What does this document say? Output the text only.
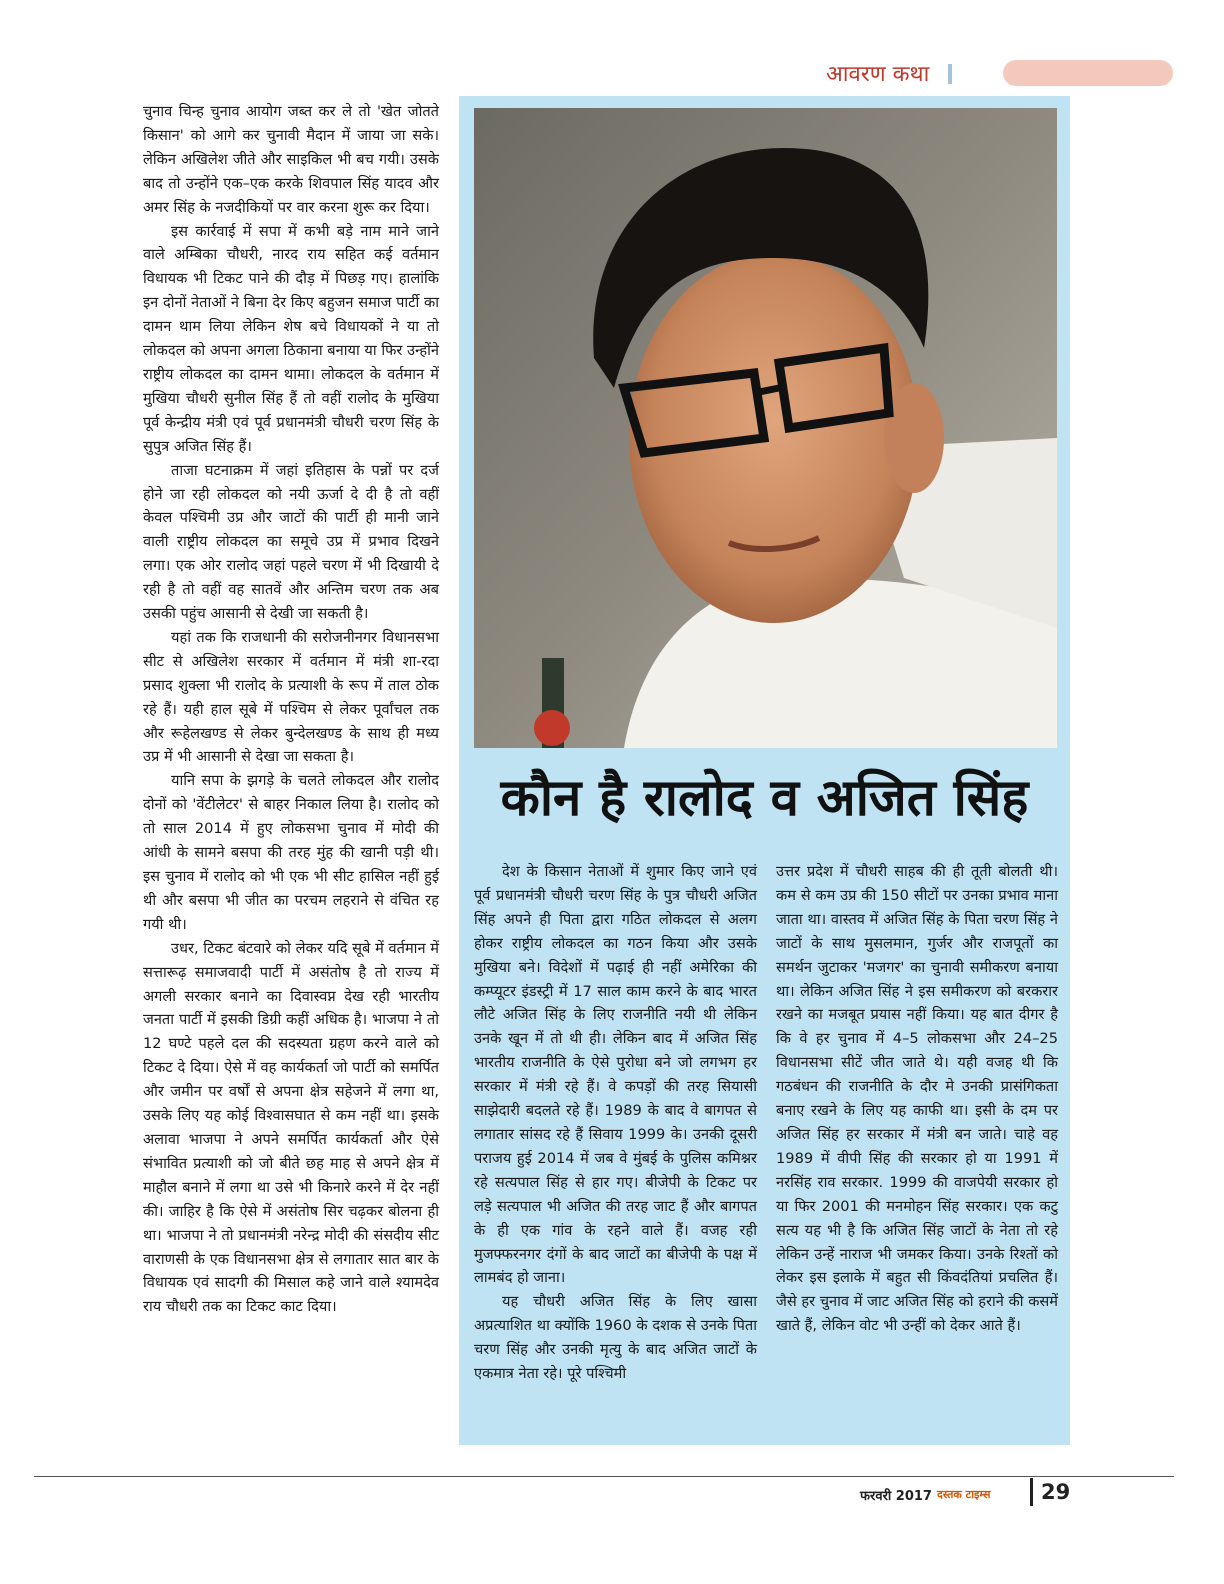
आवरण कथा

चुनाव चिन्ह चुनाव आयोग जब्त कर ले तो 'खेत जोतते किसान' को आगे कर चुनावी मैदान में जाया जा सके। लेकिन अखिलेश जीते और साइकिल भी बच गयी। उसके बाद तो उन्होंने एक–एक करके शिवपाल सिंह यादव और अमर सिंह के नजदीकियों पर वार करना शुरू कर दिया।

इस कार्रवाई में सपा में कभी बड़े नाम माने जाने वाले अम्बिका चौधरी, नारद राय सहित कई वर्तमान विधायक भी टिकट पाने की दौड़ में पिछड़ गए। हालांकि इन दोनों नेताओं ने बिना देर किए बहुजन समाज पार्टी का दामन थाम लिया लेकिन शेष बचे विधायकों ने या तो लोकदल को अपना अगला ठिकाना बनाया या फिर उन्होंने राष्ट्रीय लोकदल का दामन थामा। लोकदल के वर्तमान में मुखिया चौधरी सुनील सिंह हैं तो वहीं रालोद के मुखिया पूर्व केन्द्रीय मंत्री एवं पूर्व प्रधानमंत्री चौधरी चरण सिंह के सुपुत्र अजित सिंह हैं।

ताजा घटनाक्रम में जहां इतिहास के पन्नों पर दर्ज होने जा रही लोकदल को नयी ऊर्जा दे दी है तो वहीं केवल पश्चिमी उप्र और जाटों की पार्टी ही मानी जाने वाली राष्ट्रीय लोकदल का समूचे उप्र में प्रभाव दिखने लगा। एक ओर रालोद जहां पहले चरण में भी दिखायी दे रही है तो वहीं वह सातवें और अन्तिम चरण तक अब उसकी पहुंच आसानी से देखी जा सकती है।

यहां तक कि राजधानी की सरोजनीनगर विधानसभा सीट से अखिलेश सरकार में वर्तमान में मंत्री शा-रदा प्रसाद शुक्ला भी रालोद के प्रत्याशी के रूप में ताल ठोक रहे हैं। यही हाल सूबे में पश्चिम से लेकर पूर्वांचल तक और रूहेलखण्ड से लेकर बुन्देलखण्ड के साथ ही मध्य उप्र में भी आसानी से देखा जा सकता है।

यानि सपा के झगड़े के चलते लोकदल और रालोद दोनों को 'वेंटीलेटर' से बाहर निकाल लिया है। रालोद को तो साल 2014 में हुए लोकसभा चुनाव में मोदी की आंधी के सामने बसपा की तरह मुंह की खानी पड़ी थी। इस चुनाव में रालोद को भी एक भी सीट हासिल नहीं हुई थी और बसपा भी जीत का परचम लहराने से वंचित रह गयी थी।

उधर, टिकट बंटवारे को लेकर यदि सूबे में वर्तमान में सत्तारूढ़ समाजवादी पार्टी में असंतोष है तो राज्य में अगली सरकार बनाने का दिवास्वप्न देख रही भारतीय जनता पार्टी में इसकी डिग्री कहीं अधिक है। भाजपा ने तो 12 घण्टे पहले दल की सदस्यता ग्रहण करने वाले को टिकट दे दिया। ऐसे में वह कार्यकर्ता जो पार्टी को समर्पित और जमीन पर वर्षों से अपना क्षेत्र सहेजने में लगा था, उसके लिए यह कोई विश्वासघात से कम नहीं था। इसके अलावा भाजपा ने अपने समर्पित कार्यकर्ता और ऐसे संभावित प्रत्याशी को जो बीते छह माह से अपने क्षेत्र में माहौल बनाने में लगा था उसे भी किनारे करने में देर नहीं की। जाहिर है कि ऐसे में असंतोष सिर चढ़कर बोलना ही था। भाजपा ने तो प्रधानमंत्री नरेन्द्र मोदी की संसदीय सीट वाराणसी के एक विधानसभा क्षेत्र से लगातार सात बार के विधायक एवं सादगी की मिसाल कहे जाने वाले श्यामदेव राय चौधरी तक का टिकट काट दिया।

कौन है रालोद व अजित सिंह

देश के किसान नेताओं में शुमार किए जाने एवं पूर्व प्रधानमंत्री चौधरी चरण सिंह के पुत्र चौधरी अजित सिंह अपने ही पिता द्वारा गठित लोकदल से अलग होकर राष्ट्रीय लोकदल का गठन किया और उसके मुखिया बने। विदेशों में पढ़ाई ही नहीं अमेरिका की कम्प्यूटर इंडस्ट्री में 17 साल काम करने के बाद भारत लौटे अजित सिंह के लिए राजनीति नयी थी लेकिन उनके खून में तो थी ही। लेकिन बाद में अजित सिंह भारतीय राजनीति के ऐसे पुरोधा बने जो लगभग हर सरकार में मंत्री रहे हैं। वे कपड़ों की तरह सियासी साझेदारी बदलते रहे हैं। 1989 के बाद वे बागपत से लगातार सांसद रहे हैं सिवाय 1999 के। उनकी दूसरी पराजय हुई 2014 में जब वे मुंबई के पुलिस कमिश्नर रहे सत्यपाल सिंह से हार गए। बीजेपी के टिकट पर लड़े सत्यपाल भी अजित की तरह जाट हैं और बागपत के ही एक गांव के रहने वाले हैं। वजह रही मुजफ्फरनगर दंगों के बाद जाटों का बीजेपी के पक्ष में लामबंद हो जाना।

यह चौधरी अजित सिंह के लिए खासा अप्रत्याशित था क्योंकि 1960 के दशक से उनके पिता चरण सिंह और उनकी मृत्यु के बाद अजित जाटों के एकमात्र नेता रहे। पूरे पश्चिमी

उत्तर प्रदेश में चौधरी साहब की ही तूती बोलती थी। कम से कम उप्र की 150 सीटों पर उनका प्रभाव माना जाता था। वास्तव में अजित सिंह के पिता चरण सिंह ने जाटों के साथ मुसलमान, गुर्जर और राजपूतों का समर्थन जुटाकर 'मजगर' का चुनावी समीकरण बनाया था। लेकिन अजित सिंह ने इस समीकरण को बरकरार रखने का मजबूत प्रयास नहीं किया। यह बात दीगर है कि वे हर चुनाव में 4–5 लोकसभा और 24–25 विधानसभा सीटें जीत जाते थे। यही वजह थी कि गठबंधन की राजनीति के दौर मे उनकी प्रासंगिकता बनाए रखने के लिए यह काफी था। इसी के दम पर अजित सिंह हर सरकार में मंत्री बन जाते। चाहे वह 1989 में वीपी सिंह की सरकार हो या 1991 में नरसिंह राव सरकार. 1999 की वाजपेयी सरकार हो या फिर 2001 की मनमोहन सिंह सरकार। एक कटु सत्य यह भी है कि अजित सिंह जाटों के नेता तो रहे लेकिन उन्हें नाराज भी जमकर किया। उनके रिश्तों को लेकर इस इलाके में बहुत सी किंवदंतियां प्रचलित हैं। जैसे हर चुनाव में जाट अजित सिंह को हराने की कसमें खाते हैं, लेकिन वोट भी उन्हीं को देकर आते हैं।

फरवरी 2017 दस्तक टाइम्स 29
